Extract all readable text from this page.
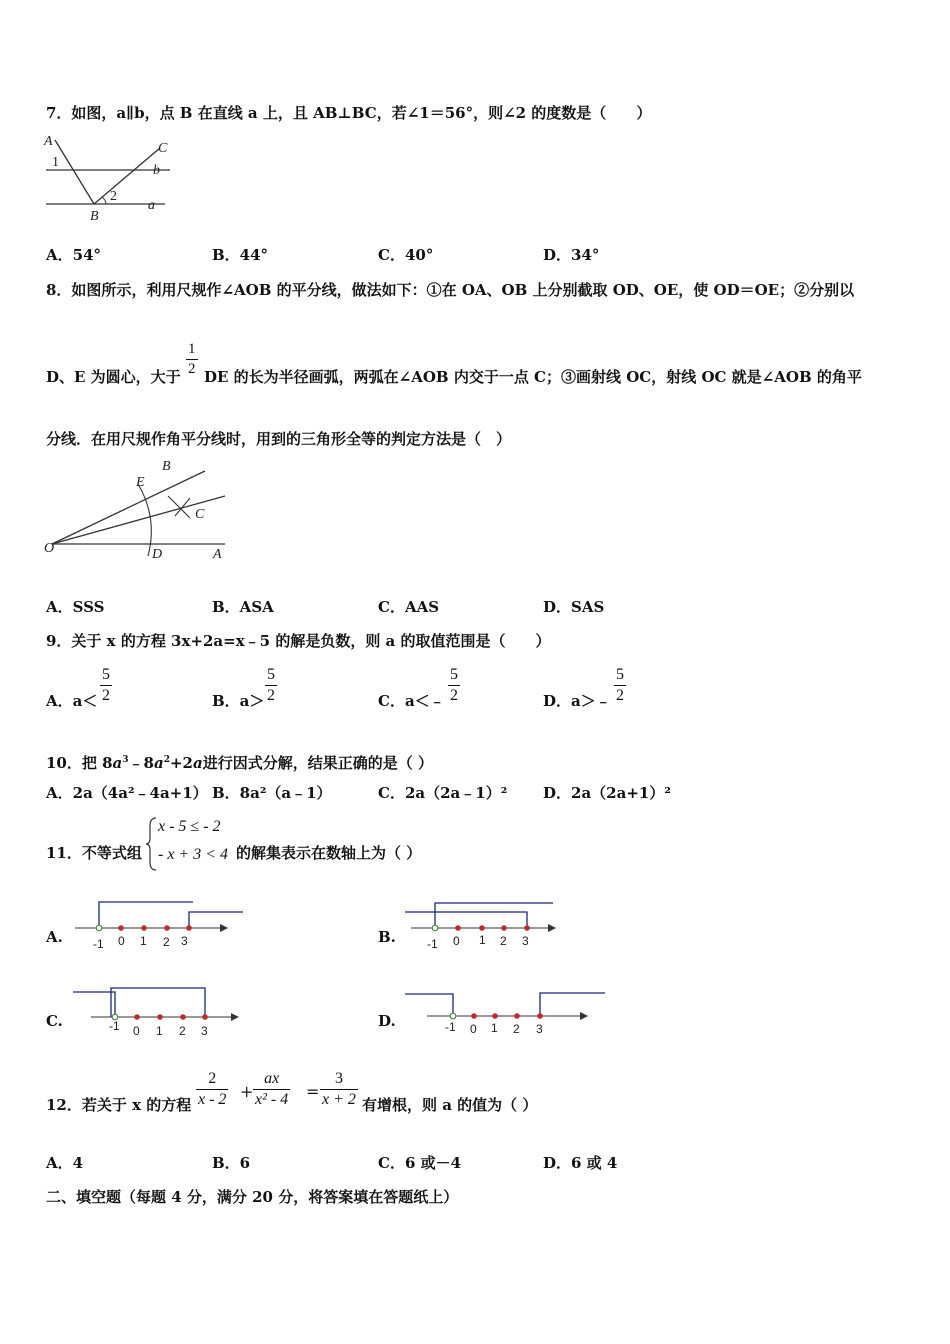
7．如图，a∥b，点 B 在直线 a 上，且 AB⊥BC，若∠1＝56°，则∠2 的度数是（　　）
A	C
b
1
2
B
a
A．54°	B．44°	C．40°	D．34°
8．如图所示，利用尺规作∠AOB 的平分线，做法如下：①在 OA、OB 上分别截取 OD、OE，使 OD＝OE；②分别以
D、E 为圆心，大于
1
2 DE 的长为半径画弧，两弧在∠AOB 内交于一点 C；③画射线 OC，射线 OC 就是∠AOB 的角平
分线．在用尺规作角平分线时，用到的三角形全等的判定方法是（　）
B
E
C
O	D	A
A．SSS	B．ASA	C．AAS	D．SAS
9．关于 x 的方程 3x+2a=x﹣5 的解是负数，则 a 的取值范围是（　　）
A．a＜
5
2	B．a＞
5
2	C．a＜﹣
5
2	D．a＞﹣
5
2
10．把 $8a^3﹣8a^2+2a$进行因式分解，结果正确的是（ ）
A．2a（4a²﹣4a+1） B．8a²（a﹣1）	C．2a（2a﹣1）² D．2a（2a+1）²
11．不等式组
x - 5 ≤ - 2
- x + 3 < 4 的解集表示在数轴上为（ ）
A.	-1 0 1 2 3	B.	-1 0 1 2 3
C.	-1 0 1 2 3
D.	-1 0 1 2 3
12．若关于 x 的方程
2
x - 2 +
ax
x² - 4 =
3
x + 2 有增根，则 a 的值为（ ）
A．4	B．6	C．6 或－4	D．6 或 4
二、填空题（每题 4 分，满分 20 分，将答案填在答题纸上）
